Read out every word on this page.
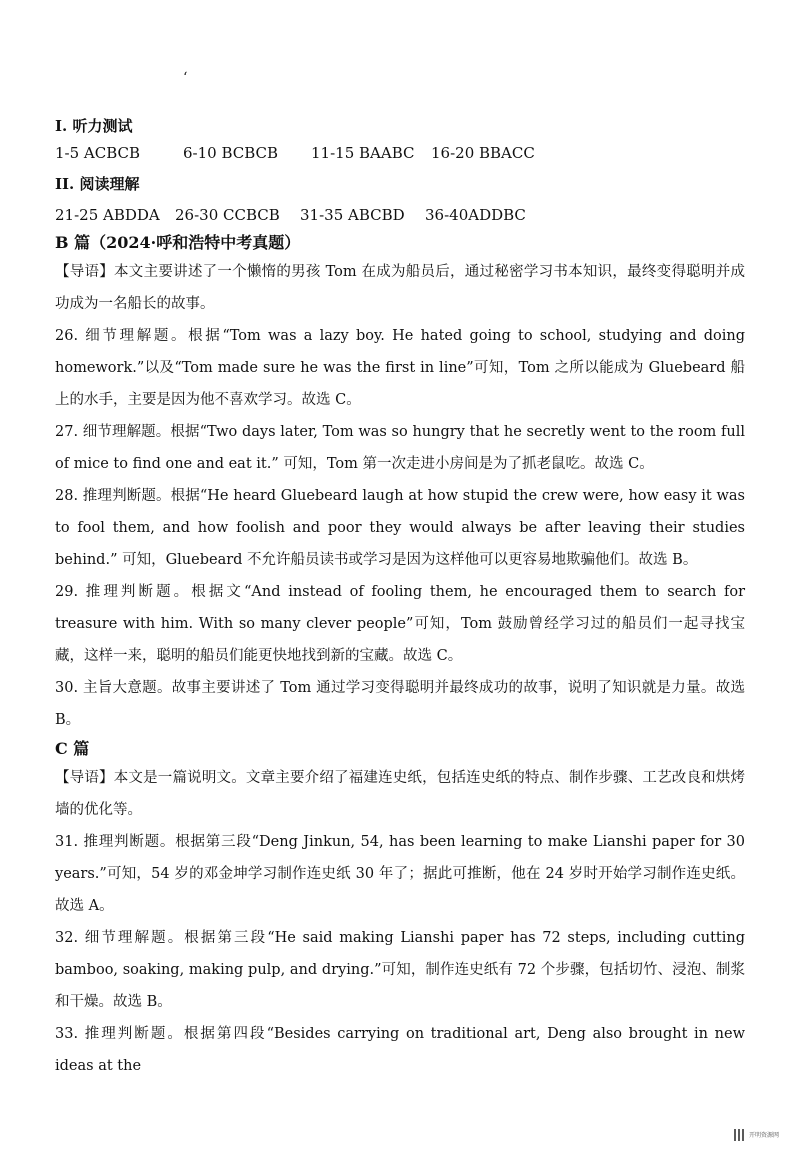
‘
I. 听力测试
1-5 ACBCB	6-10 BCBCB	11-15 BAABC	16-20 BBACC
II. 阅读理解
21-25 ABDDA	26-30 CCBCB	31-35 ABCBD	36-40ADDBC
B 篇（2024·呼和浩特中考真题）

【导语】本文主要讲述了一个懒惰的男孩 Tom 在成为船员后，通过秘密学习书本知识，最终变得聪明并成功成为一名船长的故事。

26. 细节理解题。根据“Tom was a lazy boy. He hated going to school, studying and doing homework.”以及“Tom made sure he was the first in line”可知，Tom 之所以能成为 Gluebeard 船上的水手，主要是因为他不喜欢学习。故选 C。

27. 细节理解题。根据“Two days later, Tom was so hungry that he secretly went to the room full of mice to find one and eat it.” 可知，Tom 第一次走进小房间是为了抓老鼠吃。故选 C。

28. 推理判断题。根据“He heard Gluebeard laugh at how stupid the crew were, how easy it was to fool them, and how foolish and poor they would always be after leaving their studies behind.” 可知，Gluebeard 不允许船员读书或学习是因为这样他可以更容易地欺骗他们。故选 B。

29. 推理判断题。根据文“And instead of fooling them, he encouraged them to search for treasure with him. With so many clever people”可知，Tom 鼓励曾经学习过的船员们一起寻找宝藏，这样一来，聪明的船员们能更快地找到新的宝藏。故选 C。

30. 主旨大意题。故事主要讲述了 Tom 通过学习变得聪明并最终成功的故事，说明了知识就是力量。故选 B。

C 篇

【导语】本文是一篇说明文。文章主要介绍了福建连史纸，包括连史纸的特点、制作步骤、工艺改良和烘烤墙的优化等。

31. 推理判断题。根据第三段“Deng Jinkun, 54, has been learning to make Lianshi paper for 30 years.”可知，54 岁的邓金坤学习制作连史纸 30 年了；据此可推断，他在 24 岁时开始学习制作连史纸。故选 A。

32. 细节理解题。根据第三段“He said making Lianshi paper has 72 steps, including cutting bamboo, soaking, making pulp, and drying.”可知，制作连史纸有 72 个步骤，包括切竹、浸泡、制浆和干燥。故选 B。

33. 推理判断题。根据第四段“Besides carrying on traditional art, Deng also brought in new ideas at the

开明资源网
